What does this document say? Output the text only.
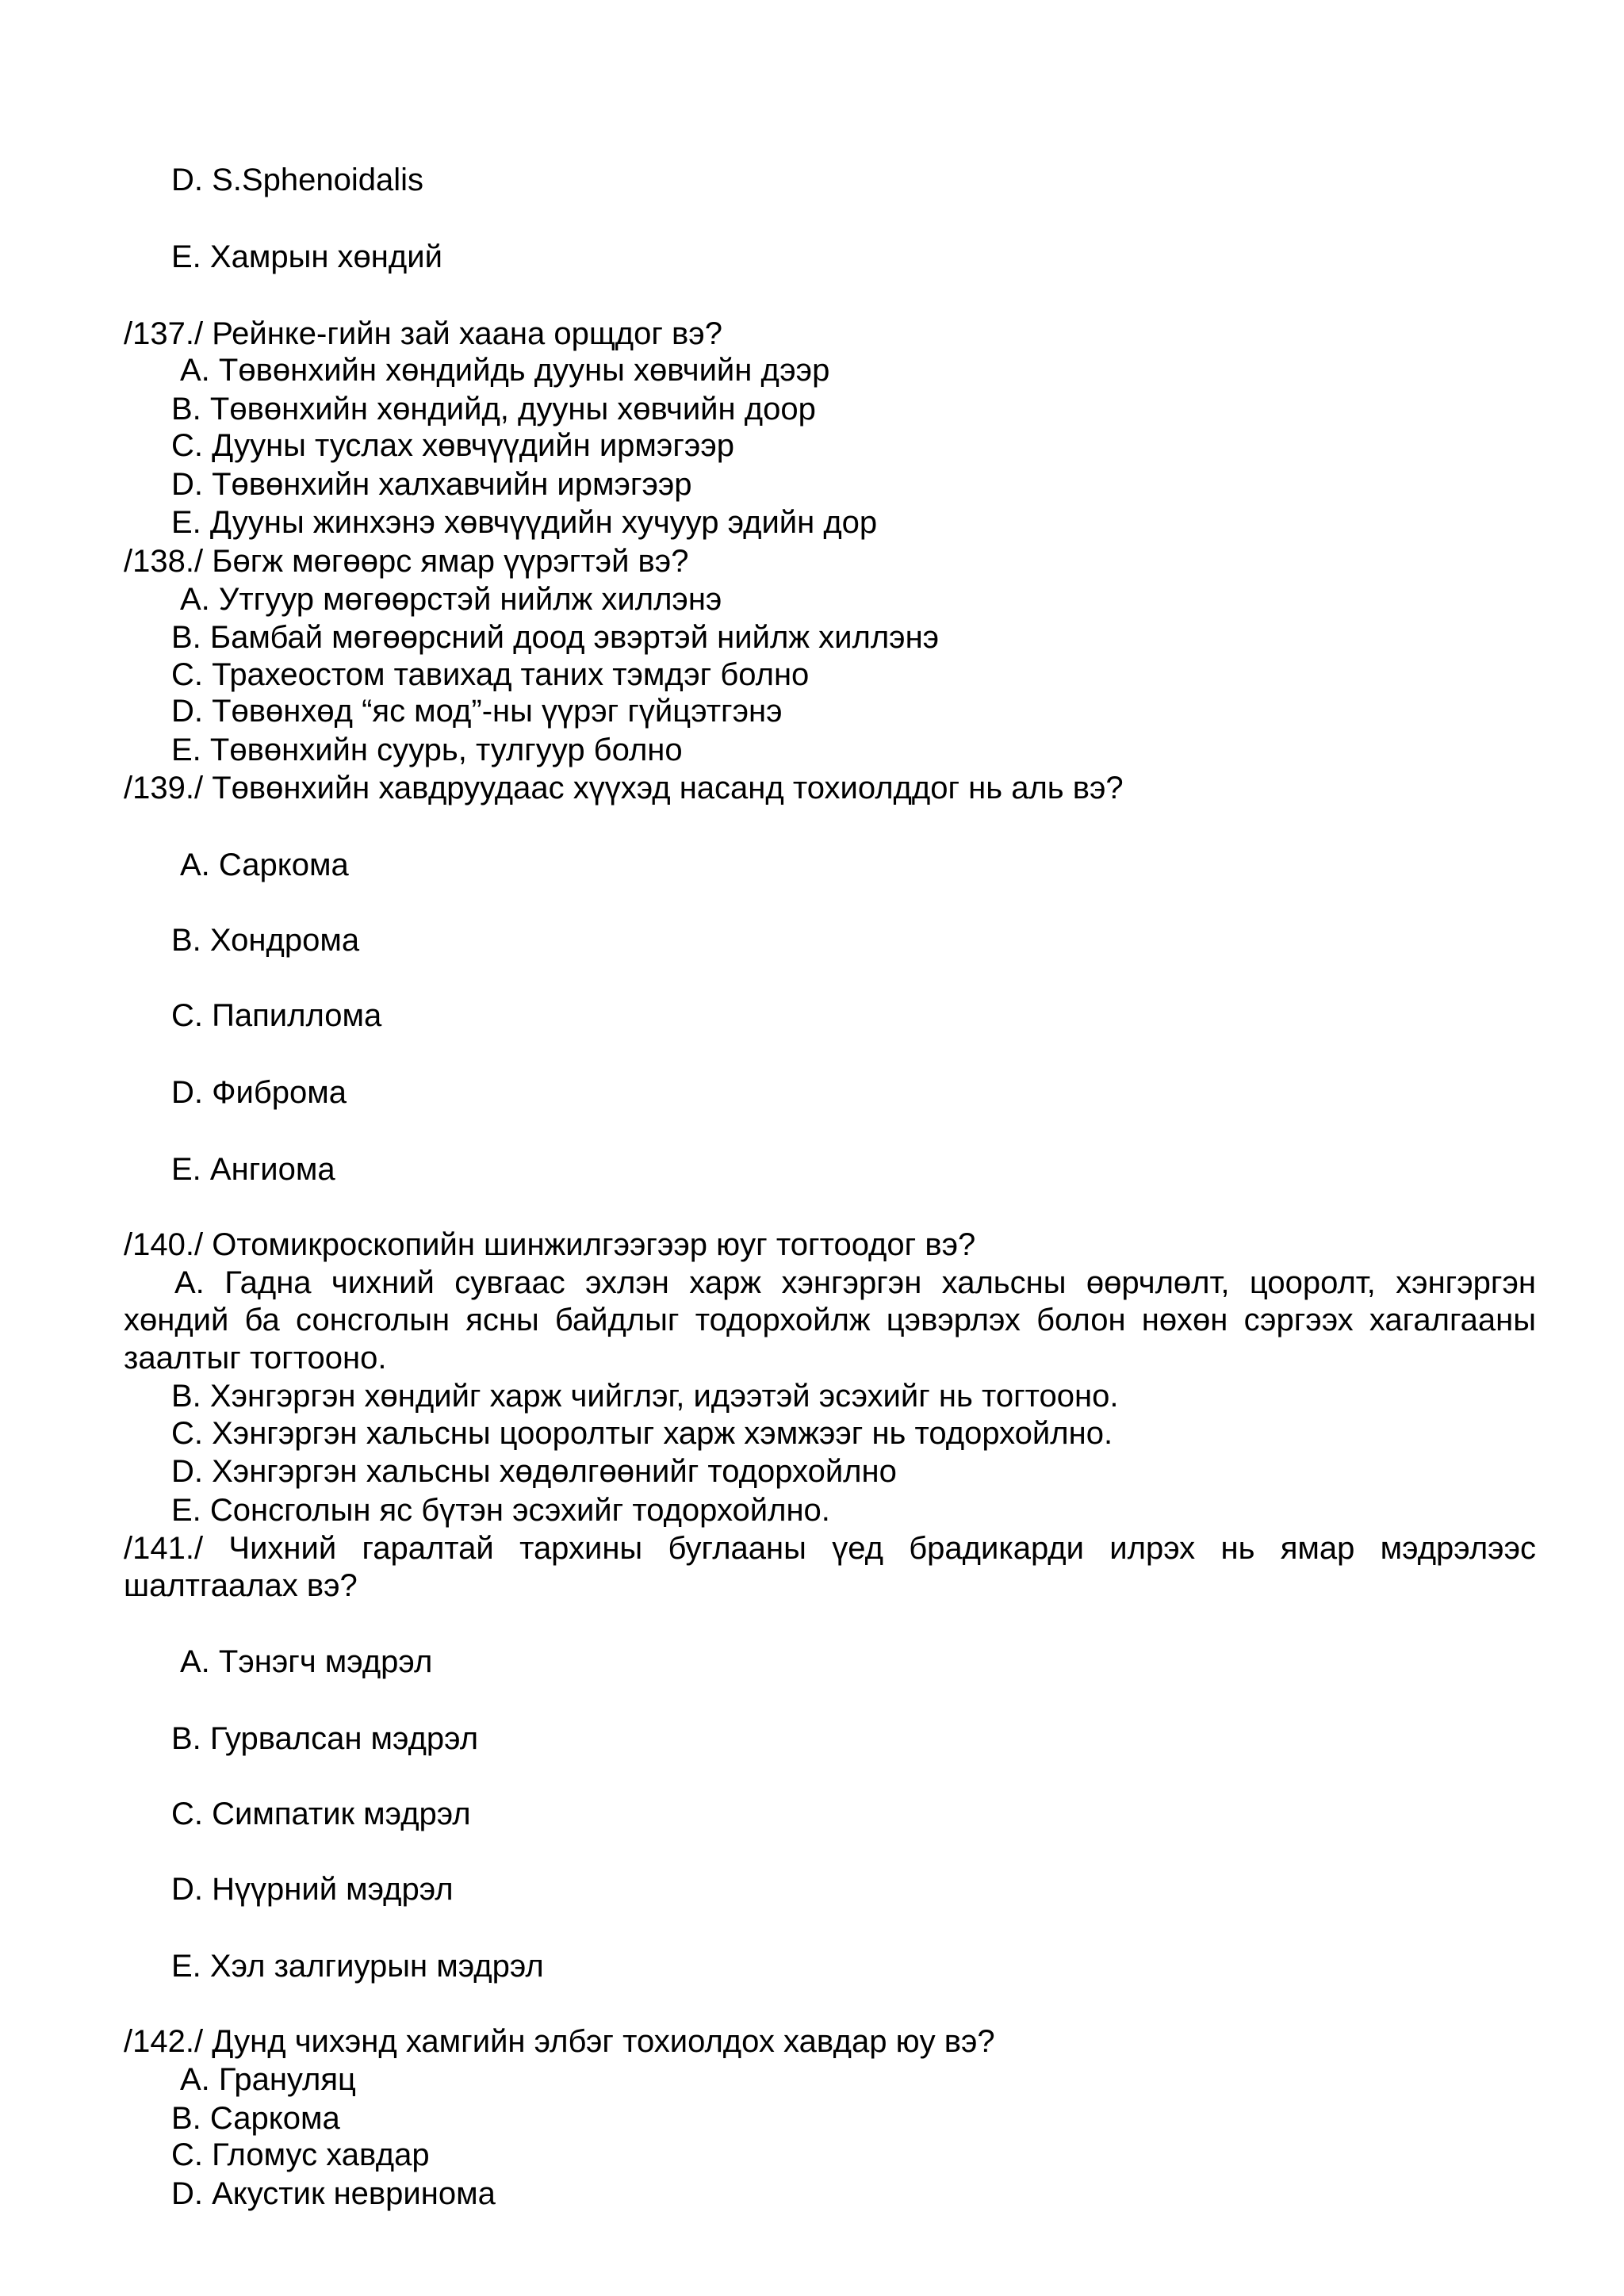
D. S.Sphenoidalis
E. Хамрын хөндий
/137./ Рейнке-гийн зай хаана орщдог вэ?
A. Төвөнхийн хөндийдь дууны хөвчийн дээр
B. Төвөнхийн хөндийд, дууны хөвчийн доор
C. Дууны туслах хөвчүүдийн ирмэгээр
D. Төвөнхийн халхавчийн ирмэгээр
E. Дууны жинхэнэ хөвчүүдийн хучуур эдийн дор
/138./ Бөгж мөгөөрс ямар үүрэгтэй вэ?
A. Утгуур мөгөөрстэй нийлж хиллэнэ
B. Бамбай мөгөөрсний доод эвэртэй нийлж хиллэнэ
C. Трахеостом тавихад таних тэмдэг болно
D. Төвөнхөд “яс мод”-ны үүрэг гүйцэтгэнэ
E. Төвөнхийн суурь, тулгуур болно
/139./ Төвөнхийн хавдруудаас хүүхэд насанд тохиолддог нь аль вэ?
A. Саркома
B. Хондрома
C. Папиллома
D. Фиброма
E. Ангиома
/140./ Отомикроскопийн шинжилгээгээр юуг тогтоодог вэ?
A. Гадна чихний сувгаас эхлэн харж хэнгэргэн хальсны өөрчлөлт, цооролт, хэнгэргэн
хөндий ба сонсголын ясны байдлыг тодорхойлж цэвэрлэх болон нөхөн сэргээх хагалгааны
заалтыг тогтооно.
B. Хэнгэргэн хөндийг харж чийглэг, идээтэй эсэхийг нь тогтооно.
C. Хэнгэргэн хальсны цооролтыг харж хэмжээг нь тодорхойлно.
D. Хэнгэргэн хальсны хөдөлгөөнийг тодорхойлно
E. Сонсголын яс бүтэн эсэхийг тодорхойлно.
/141./ Чихний гаралтай тархины буглааны үед брадикарди илрэх нь ямар мэдрэлээс
шалтгаалах вэ?
A. Тэнэгч мэдрэл
B. Гурвалсан мэдрэл
C. Симпатик мэдрэл
D. Нүүрний мэдрэл
E. Хэл залгиурын мэдрэл
/142./ Дунд чихэнд хамгийн элбэг тохиолдох хавдар юу вэ?
A. Грануляц
B. Саркома
C. Гломус хавдар
D. Акустик невринома
